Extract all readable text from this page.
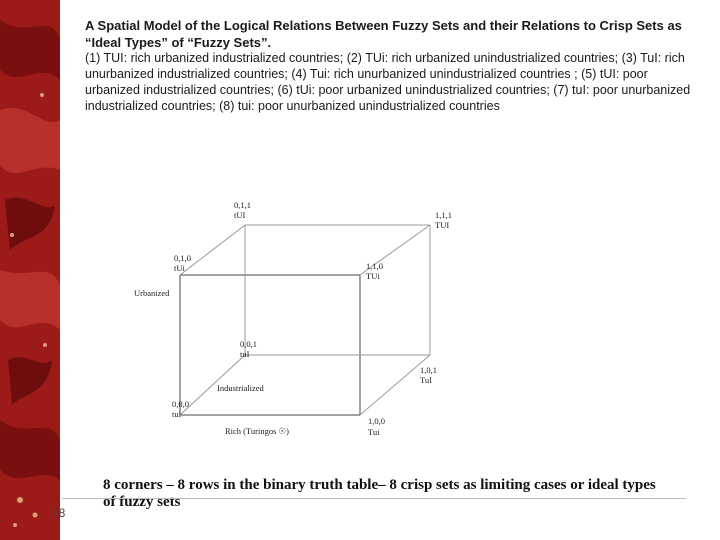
A Spatial Model of the Logical Relations Between Fuzzy Sets and their Relations to Crisp Sets as “Ideal Types” of “Fuzzy Sets”.
(1) TUI: rich urbanized industrialized countries; (2) TUi: rich urbanized unindustrialized countries; (3) TuI: rich unurbanized industrialized countries; (4) Tui: rich unurbanized unindustrialized countries ; (5) tUI: poor urbanized industrialized countries; (6) tUi: poor urbanized unindustrialized countries; (7) tuI: poor unurbanized industrialized countries; (8) tui: poor unurbanized unindustrialized countries
0,1,1
tUI	1,1,1
TUI
0,1,0
tUi	1,1,0
TUi
0,0,1
tuI
1,0,1
TuI
0,0,0
tui
1,0,0
Tui
Urbanized
Industrialized
Rich (Turingos ☉)
8 corners – 8 rows in the binary truth table– 8 crisp sets as limiting cases or ideal types of fuzzy sets
38
